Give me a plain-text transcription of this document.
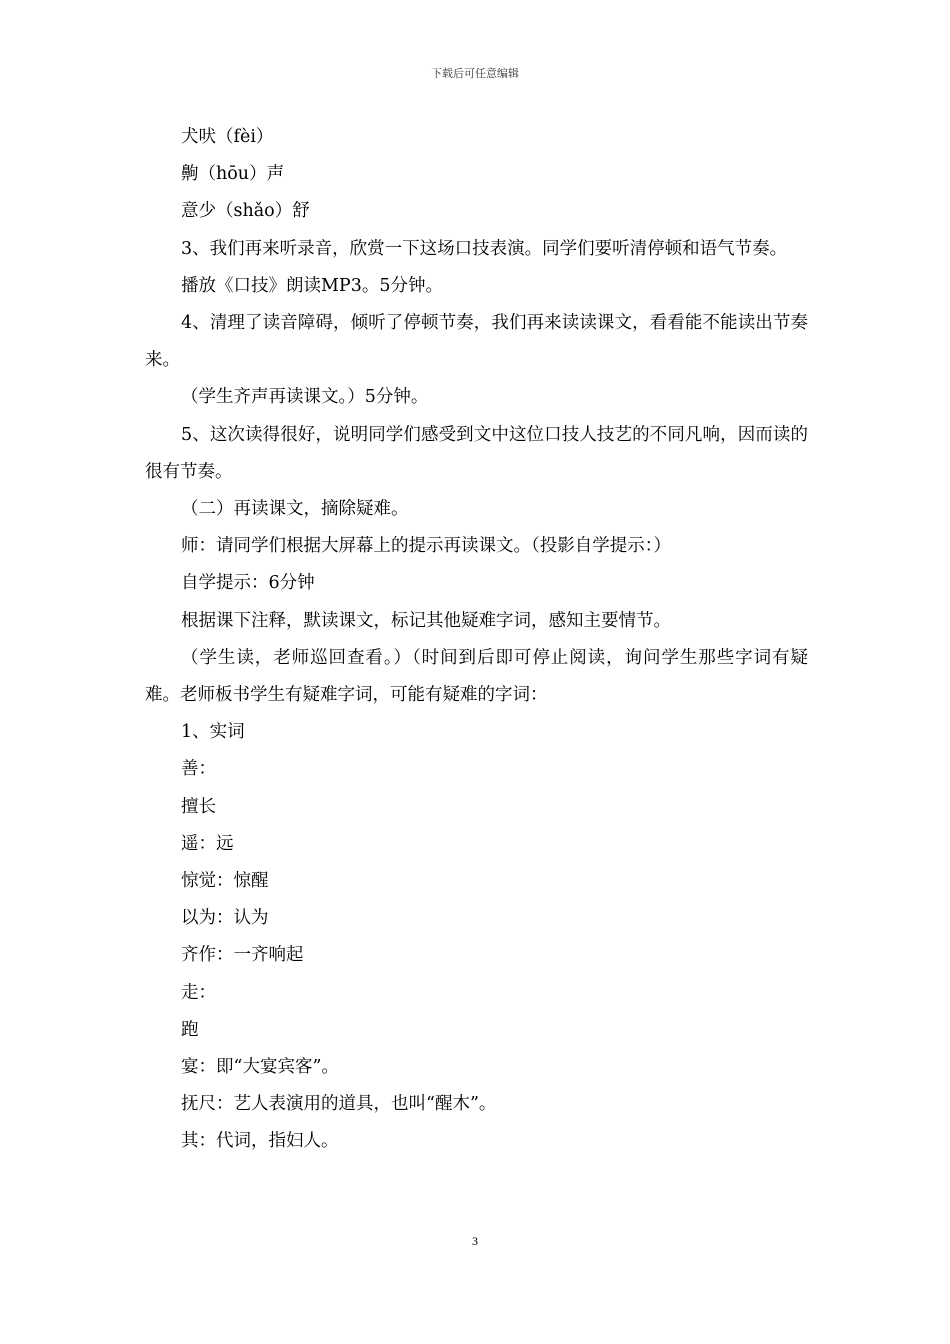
下载后可任意编辑

犬吠（fèi）

齁（hōu）声

意少（shǎo）舒

3、我们再来听录音，欣赏一下这场口技表演。同学们要听清停顿和语气节奏。

播放《口技》朗读MP3。5分钟。

4、清理了读音障碍，倾听了停顿节奏，我们再来读读课文，看看能不能读出节奏来。

（学生齐声再读课文。）5分钟。

5、这次读得很好，说明同学们感受到文中这位口技人技艺的不同凡响，因而读的很有节奏。

（二）再读课文，摘除疑难。

师：请同学们根据大屏幕上的提示再读课文。（投影自学提示：）

自学提示：6分钟

根据课下注释，默读课文，标记其他疑难字词，感知主要情节。

（学生读，老师巡回查看。）（时间到后即可停止阅读，询问学生那些字词有疑难。老师板书学生有疑难字词，可能有疑难的字词：

1、实词

善：

擅长

遥：远

惊觉：惊醒

以为：认为

齐作：一齐响起

走：

跑

宴：即“大宴宾客”。

抚尺：艺人表演用的道具，也叫“醒木”。

其：代词，指妇人。

3
